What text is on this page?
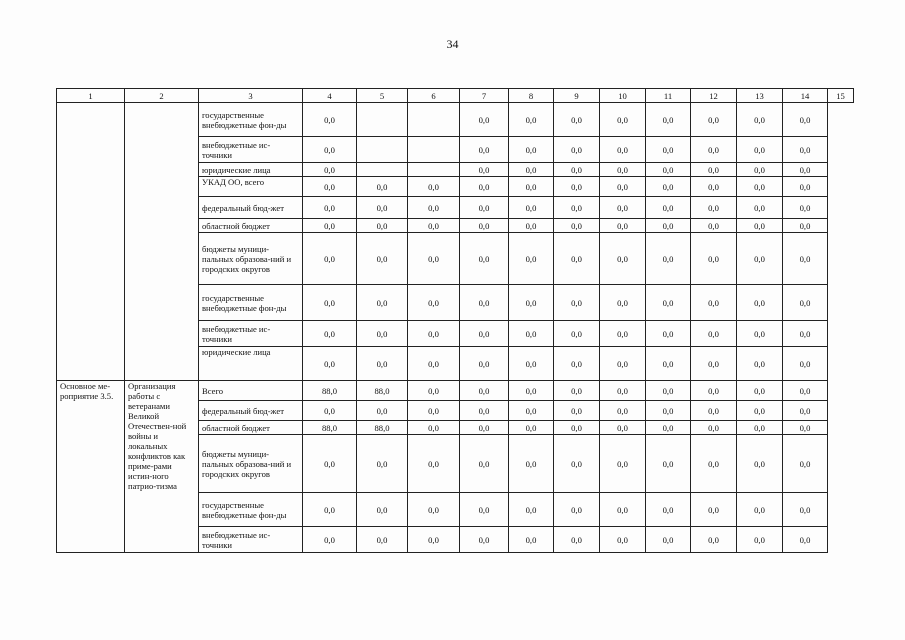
34
1	2	3	4	5	6	7	8	9	10	11	12	13	14	15
		государственные внебюджетные фон-ды	0,0			0,0	0,0	0,0	0,0	0,0	0,0	0,0	0,0	
		внебюджетные ис-точники	0,0			0,0	0,0	0,0	0,0	0,0	0,0	0,0	0,0	
		юридические лица	0,0			0,0	0,0	0,0	0,0	0,0	0,0	0,0	0,0	
		УКАД ОО, всего	0,0	0,0	0,0	0,0	0,0	0,0	0,0	0,0	0,0	0,0	0,0	
		федеральный бюд-жет	0,0	0,0	0,0	0,0	0,0	0,0	0,0	0,0	0,0	0,0	0,0	
		областной бюджет	0,0	0,0	0,0	0,0	0,0	0,0	0,0	0,0	0,0	0,0	0,0	
		бюджеты муници-пальных образова-ний и городских округов	0,0	0,0	0,0	0,0	0,0	0,0	0,0	0,0	0,0	0,0	0,0	
		государственные внебюджетные фон-ды	0,0	0,0	0,0	0,0	0,0	0,0	0,0	0,0	0,0	0,0	0,0	
		внебюджетные ис-точники	0,0	0,0	0,0	0,0	0,0	0,0	0,0	0,0	0,0	0,0	0,0	
		юридические лица	0,0	0,0	0,0	0,0	0,0	0,0	0,0	0,0	0,0	0,0	0,0	
Основное ме-роприятие 3.5.	Организация работы с ветеранами Великой Отечествен-ной войны и локальных конфликтов как приме-рами истин-ного патрио-тизма	Всего	88,0	88,0	0,0	0,0	0,0	0,0	0,0	0,0	0,0	0,0	0,0	
		федеральный бюд-жет	0,0	0,0	0,0	0,0	0,0	0,0	0,0	0,0	0,0	0,0	0,0	
		областной бюджет	88,0	88,0	0,0	0,0	0,0	0,0	0,0	0,0	0,0	0,0	0,0	
		бюджеты муници-пальных образова-ний и городских округов	0,0	0,0	0,0	0,0	0,0	0,0	0,0	0,0	0,0	0,0	0,0	
		государственные внебюджетные фон-ды	0,0	0,0	0,0	0,0	0,0	0,0	0,0	0,0	0,0	0,0	0,0	
		внебюджетные ис-точники	0,0	0,0	0,0	0,0	0,0	0,0	0,0	0,0	0,0	0,0	0,0	
